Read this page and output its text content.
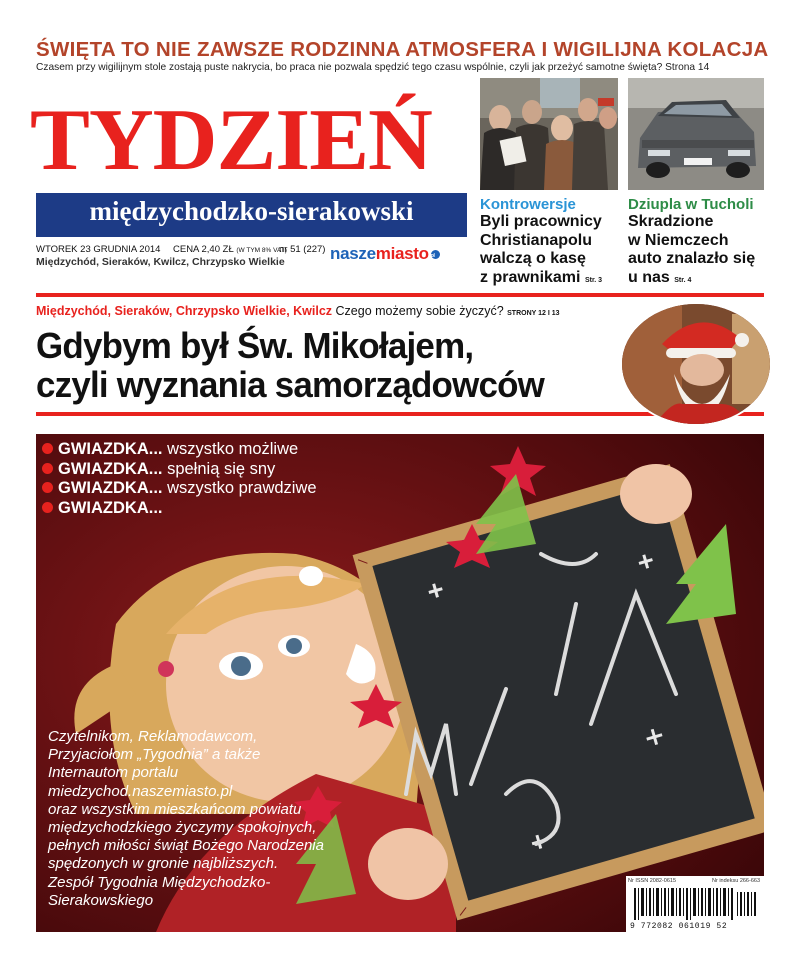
ŚWIĘTA TO NIE ZAWSZE RODZINNA ATMOSFERA I WIGILIJNA KOLACJA
Czasem przy wigilijnym stole zostają puste nakrycia, bo praca nie pozwala spędzić tego czasu wspólnie, czyli jak przeżyć samotne święta? Strona 14
TYDZIEŃ
międzychodzko-sierakowski
WTOREK 23 GRUDNIA 2014 CENA 2,40 ZŁ (W TYM 8% VAT)
nr 51 (227)
Międzychód, Sieraków, Kwilcz, Chrzypsko Wielkie	naszemiasto pl
Kontrowersje
Byli pracownicy
Christianapolu
walczą o kasę
z prawnikami Str. 3
Dziupla w Tucholi
Skradzione
w Niemczech
auto znalazło się
u nas Str. 4
Międzychód, Sieraków, Chrzypsko Wielkie, Kwilcz Czego możemy sobie życzyć? STRONY 12 I 13
Gdybym był Św. Mikołajem,
czyli wyznania samorządowców
GWIAZDKA... wszystko możliwe
GWIAZDKA... spełnią się sny
GWIAZDKA... wszystko prawdziwe
GWIAZDKA...
Czytelnikom, Reklamodawcom,
Przyjaciołom „Tygodnia” a także
Internautom portalu
miedzychod.naszemiasto.pl
oraz wszystkim mieszkańcom powiatu
międzychodzkiego życzymy spokojnych,
pełnych miłości świąt Bożego Narodzenia
spędzonych w gronie najbliższych.
Zespół Tygodnia Międzychodzko-
Sierakowskiego
Nr ISSN 2082-0615	Nr indeksu 266-663
9 772082 061019 52
